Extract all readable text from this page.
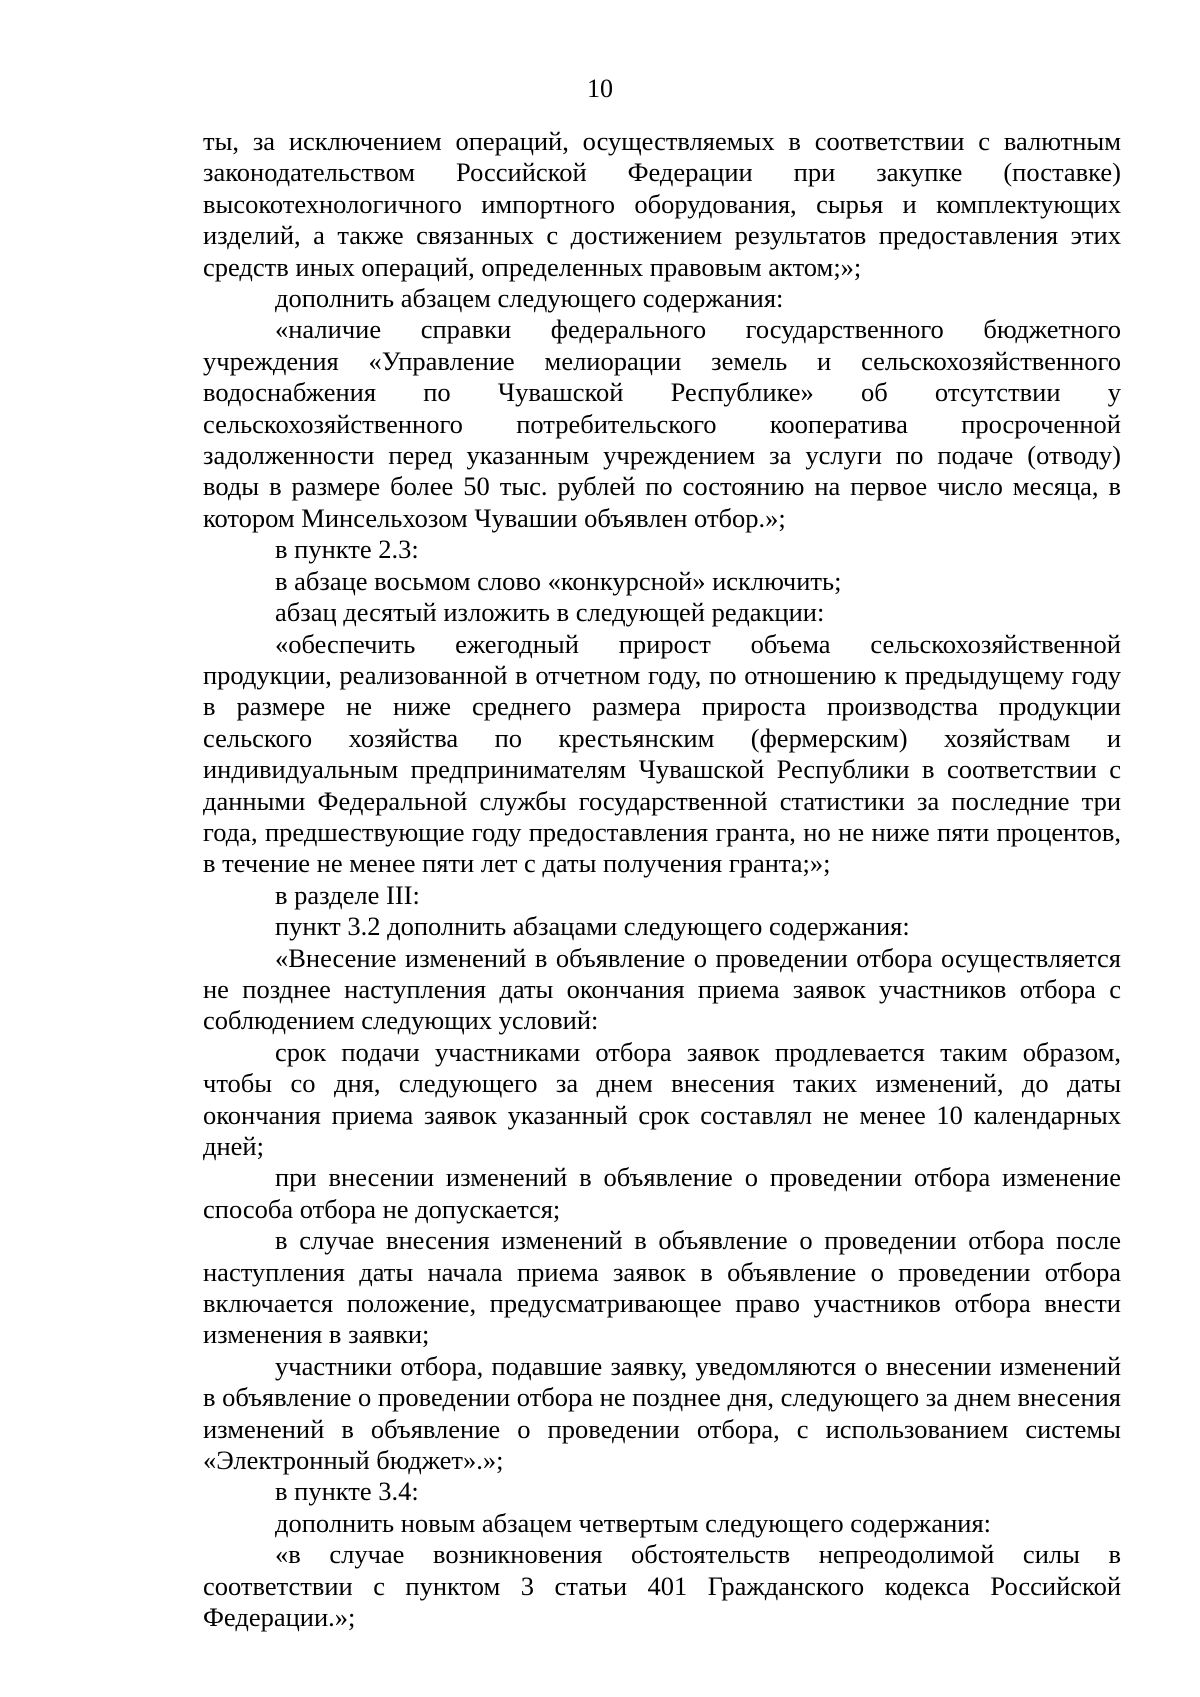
10

ты, за исключением операций, осуществляемых в соответствии с валютным законодательством Российской Федерации при закупке (поставке) высокотехнологичного импортного оборудования, сырья и комплектующих изделий, а также связанных с достижением результатов предоставления этих средств иных операций, определенных правовым актом;»;

дополнить абзацем следующего содержания:

«наличие справки федерального государственного бюджетного учреждения «Управление мелиорации земель и сельскохозяйственного водоснабжения по Чувашской Республике» об отсутствии у сельскохозяйственного потребительского кооператива просроченной задолженности перед указанным учреждением за услуги по подаче (отводу) воды в размере более 50 тыс. рублей по состоянию на первое число месяца, в котором Минсельхозом Чувашии объявлен отбор.»;

в пункте 2.3:

в абзаце восьмом слово «конкурсной» исключить;

абзац десятый изложить в следующей редакции:

«обеспечить ежегодный прирост объема сельскохозяйственной продукции, реализованной в отчетном году, по отношению к предыдущему году в размере не ниже среднего размера прироста производства продукции сельского хозяйства по крестьянским (фермерским) хозяйствам и индивидуальным предпринимателям Чувашской Республики в соответствии с данными Федеральной службы государственной статистики за последние три года, предшествующие году предоставления гранта, но не ниже пяти процентов, в течение не менее пяти лет с даты получения гранта;»;

в разделе III:

пункт 3.2 дополнить абзацами следующего содержания:

«Внесение изменений в объявление о проведении отбора осуществляется не позднее наступления даты окончания приема заявок участников отбора с соблюдением следующих условий:

срок подачи участниками отбора заявок продлевается таким образом, чтобы со дня, следующего за днем внесения таких изменений, до даты окончания приема заявок указанный срок составлял не менее 10 календарных дней;

при внесении изменений в объявление о проведении отбора изменение способа отбора не допускается;

в случае внесения изменений в объявление о проведении отбора после наступления даты начала приема заявок в объявление о проведении отбора включается положение, предусматривающее право участников отбора внести изменения в заявки;

участники отбора, подавшие заявку, уведомляются о внесении изменений в объявление о проведении отбора не позднее дня, следующего за днем внесения изменений в объявление о проведении отбора, с использованием системы «Электронный бюджет».»;

в пункте 3.4:

дополнить новым абзацем четвертым следующего содержания:

«в случае возникновения обстоятельств непреодолимой силы в соответствии с пунктом 3 статьи 401 Гражданского кодекса Российской Федерации.»;
